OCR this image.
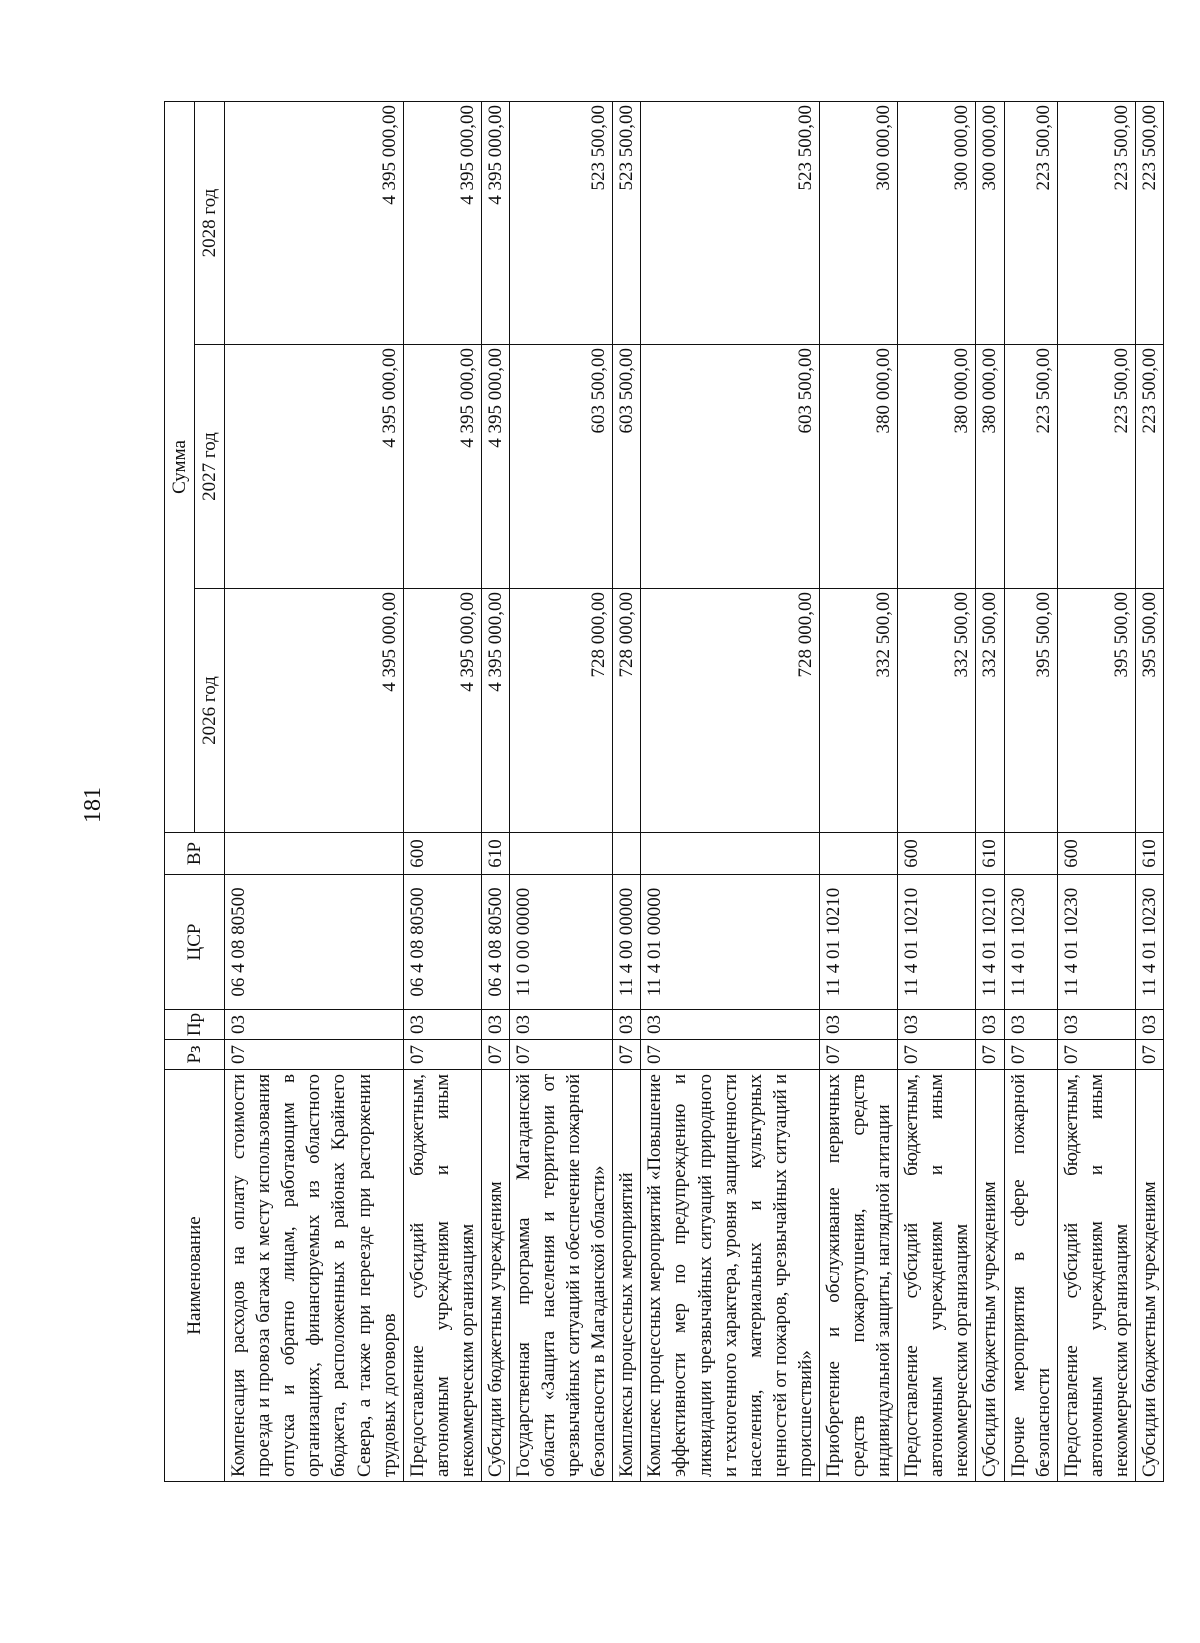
181
Наименование	Рз	Пр	ЦСР	ВР	Сумма		
					2026 год	2027 год	2028 год
Компенсация расходов на оплату стоимости проезда и провоза багажа к месту использования отпуска и обратно лицам, работающим в организациях, финансируемых из областного бюджета, расположенных в районах Крайнего Севера, а также при переезде при расторжении трудовых договоров	07	03	06 4 08 80500		4 395 000,00	4 395 000,00	4 395 000,00
Предоставление субсидий бюджетным, автономным учреждениям и иным некоммерческим организациям	07	03	06 4 08 80500	600	4 395 000,00	4 395 000,00	4 395 000,00
Субсидии бюджетным учреждениям	07	03	06 4 08 80500	610	4 395 000,00	4 395 000,00	4 395 000,00
Государственная программа Магаданской области «Защита населения и территории от чрезвычайных ситуаций и обеспечение пожарной безопасности в Магаданской области»	07	03	11 0 00 00000		728 000,00	603 500,00	523 500,00
Комплексы процессных мероприятий	07	03	11 4 00 00000		728 000,00	603 500,00	523 500,00
Комплекс процессных мероприятий «Повышение эффективности мер по предупреждению и ликвидации чрезвычайных ситуаций природного и техногенного характера, уровня защищенности населения, материальных и культурных ценностей от пожаров, чрезвычайных ситуаций и происшествий»	07	03	11 4 01 00000		728 000,00	603 500,00	523 500,00
Приобретение и обслуживание первичных средств пожаротушения, средств индивидуальной защиты, наглядной агитации	07	03	11 4 01 10210		332 500,00	380 000,00	300 000,00
Предоставление субсидий бюджетным, автономным учреждениям и иным некоммерческим организациям	07	03	11 4 01 10210	600	332 500,00	380 000,00	300 000,00
Субсидии бюджетным учреждениям	07	03	11 4 01 10210	610	332 500,00	380 000,00	300 000,00
Прочие мероприятия в сфере пожарной безопасности	07	03	11 4 01 10230		395 500,00	223 500,00	223 500,00
Предоставление субсидий бюджетным, автономным учреждениям и иным некоммерческим организациям	07	03	11 4 01 10230	600	395 500,00	223 500,00	223 500,00
Субсидии бюджетным учреждениям	07	03	11 4 01 10230	610	395 500,00	223 500,00	223 500,00
